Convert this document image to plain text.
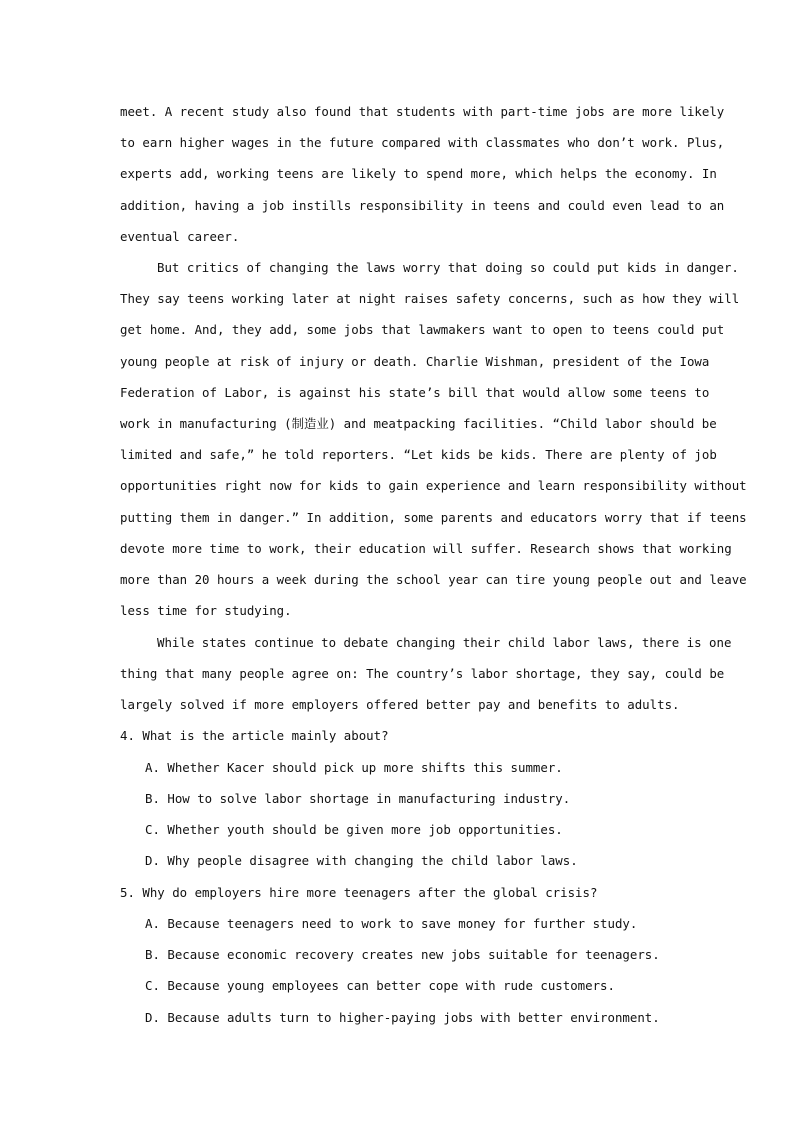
meet. A recent study also found that students with part-time jobs are more likely
to earn higher wages in the future compared with classmates who don’t work. Plus,
experts add, working teens are likely to spend more, which helps the economy. In
addition, having a job instills responsibility in teens and could even lead to an
eventual career.
But critics of changing the laws worry that doing so could put kids in danger.
They say teens working later at night raises safety concerns, such as how they will
get home. And, they add, some jobs that lawmakers want to open to teens could put
young people at risk of injury or death. Charlie Wishman, president of the Iowa
Federation of Labor, is against his state’s bill that would allow some teens to
work in manufacturing (制造业) and meatpacking facilities. “Child labor should be
limited and safe,” he told reporters. “Let kids be kids. There are plenty of job
opportunities right now for kids to gain experience and learn responsibility without
putting them in danger.” In addition, some parents and educators worry that if teens
devote more time to work, their education will suffer. Research shows that working
more than 20 hours a week during the school year can tire young people out and leave
less time for studying.
While states continue to debate changing their child labor laws, there is one
thing that many people agree on: The country’s labor shortage, they say, could be
largely solved if more employers offered better pay and benefits to adults.
4. What is the article mainly about?
A. Whether Kacer should pick up more shifts this summer.
B. How to solve labor shortage in manufacturing industry.
C. Whether youth should be given more job opportunities.
D. Why people disagree with changing the child labor laws.
5. Why do employers hire more teenagers after the global crisis?
A. Because teenagers need to work to save money for further study.
B. Because economic recovery creates new jobs suitable for teenagers.
C. Because young employees can better cope with rude customers.
D. Because adults turn to higher-paying jobs with better environment.
